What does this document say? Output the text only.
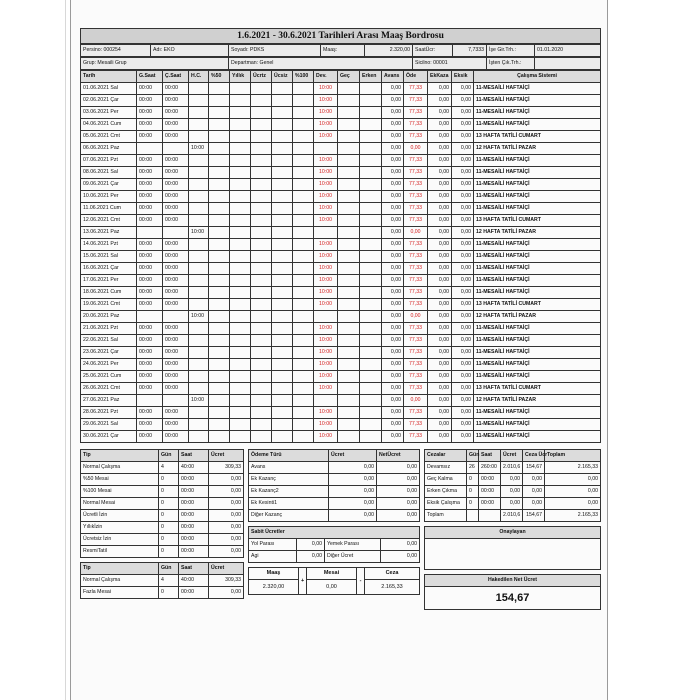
1.6.2021 - 30.6.2021 Tarihleri Arası Maaş Bordrosu
Persino: 000254	Adı: EKO	Soyadı: PDKS	Maaş:	2.320,00	SaatÜcr:	7,7333	İşe Gir.Trh.:	01.01.2020
Grup: Mesaili Grup	Departman: Genel	Sicilno: 00001	İşten Çık.Trh.:	
Tarih	G.Saat	Ç.Saat	H.C.	%50	Yıllık	Ücrtz	Ücsiz	%100	Dev.	Geç	Erken	Avans	Öde	EkKaza	Eksik	Çalışma Sistemi
01.06.2021 Sal	00:00	00:00							10:00			0,00	77,33	0,00	0,00	11-MESAİLİ HAFTAİÇİ
02.06.2021 Çar	00:00	00:00							10:00			0,00	77,33	0,00	0,00	11-MESAİLİ HAFTAİÇİ
03.06.2021 Per	00:00	00:00							10:00			0,00	77,33	0,00	0,00	11-MESAİLİ HAFTAİÇİ
04.06.2021 Cum	00:00	00:00							10:00			0,00	77,33	0,00	0,00	11-MESAİLİ HAFTAİÇİ
05.06.2021 Cmt	00:00	00:00							10:00			0,00	77,33	0,00	0,00	13 HAFTA TATİLİ CUMART
06.06.2021 Paz			10:00									0,00	0,00	0,00	0,00	12 HAFTA TATİLİ PAZAR
07.06.2021 Pzt	00:00	00:00							10:00			0,00	77,33	0,00	0,00	11-MESAİLİ HAFTAİÇİ
08.06.2021 Sal	00:00	00:00							10:00			0,00	77,33	0,00	0,00	11-MESAİLİ HAFTAİÇİ
09.06.2021 Çar	00:00	00:00							10:00			0,00	77,33	0,00	0,00	11-MESAİLİ HAFTAİÇİ
10.06.2021 Per	00:00	00:00							10:00			0,00	77,33	0,00	0,00	11-MESAİLİ HAFTAİÇİ
11.06.2021 Cum	00:00	00:00							10:00			0,00	77,33	0,00	0,00	11-MESAİLİ HAFTAİÇİ
12.06.2021 Cmt	00:00	00:00							10:00			0,00	77,33	0,00	0,00	13 HAFTA TATİLİ CUMART
13.06.2021 Paz			10:00									0,00	0,00	0,00	0,00	12 HAFTA TATİLİ PAZAR
14.06.2021 Pzt	00:00	00:00							10:00			0,00	77,33	0,00	0,00	11-MESAİLİ HAFTAİÇİ
15.06.2021 Sal	00:00	00:00							10:00			0,00	77,33	0,00	0,00	11-MESAİLİ HAFTAİÇİ
16.06.2021 Çar	00:00	00:00							10:00			0,00	77,33	0,00	0,00	11-MESAİLİ HAFTAİÇİ
17.06.2021 Per	00:00	00:00							10:00			0,00	77,33	0,00	0,00	11-MESAİLİ HAFTAİÇİ
18.06.2021 Cum	00:00	00:00							10:00			0,00	77,33	0,00	0,00	11-MESAİLİ HAFTAİÇİ
19.06.2021 Cmt	00:00	00:00							10:00			0,00	77,33	0,00	0,00	13 HAFTA TATİLİ CUMART
20.06.2021 Paz			10:00									0,00	0,00	0,00	0,00	12 HAFTA TATİLİ PAZAR
21.06.2021 Pzt	00:00	00:00							10:00			0,00	77,33	0,00	0,00	11-MESAİLİ HAFTAİÇİ
22.06.2021 Sal	00:00	00:00							10:00			0,00	77,33	0,00	0,00	11-MESAİLİ HAFTAİÇİ
23.06.2021 Çar	00:00	00:00							10:00			0,00	77,33	0,00	0,00	11-MESAİLİ HAFTAİÇİ
24.06.2021 Per	00:00	00:00							10:00			0,00	77,33	0,00	0,00	11-MESAİLİ HAFTAİÇİ
25.06.2021 Cum	00:00	00:00							10:00			0,00	77,33	0,00	0,00	11-MESAİLİ HAFTAİÇİ
26.06.2021 Cmt	00:00	00:00							10:00			0,00	77,33	0,00	0,00	13 HAFTA TATİLİ CUMART
27.06.2021 Paz			10:00									0,00	0,00	0,00	0,00	12 HAFTA TATİLİ PAZAR
28.06.2021 Pzt	00:00	00:00							10:00			0,00	77,33	0,00	0,00	11-MESAİLİ HAFTAİÇİ
29.06.2021 Sal	00:00	00:00							10:00			0,00	77,33	0,00	0,00	11-MESAİLİ HAFTAİÇİ
30.06.2021 Çar	00:00	00:00							10:00			0,00	77,33	0,00	0,00	11-MESAİLİ HAFTAİÇİ
Tip	Gün	Saat	Ücret
Normal Çalışma	4	40:00	309,33
%50 Mesai	0	00:00	0,00
%100 Mesai	0	00:00	0,00
Normal Mesai	0	00:00	0,00
Ücretli İzin	0	00:00	0,00
Yıllıkİzin	0	00:00	0,00
Ücretsiz İzin	0	00:00	0,00
ResmiTatil	0	00:00	0,00
Tip	Gün	Saat	Ücret
Normal Çalışma	4	40:00	309,33
Fazla Mesai	0	00:00	0,00
Ödeme Türü	Ücret	NetÜcret
Avans	0,00	0,00
Ek Kazanç	0,00	0,00
Ek Kazanç2	0,00	0,00
Ek Kesinti1	0,00	0,00
Diğer Kazanç	0,00	0,00
Sabit Ücretler			
Yol Parası	0,00	Yemek Parası	0,00
Agi	0,00	Diğer Ücret	0,00
Maaş	+	Mesai	-	Ceza
2.320,00		0,00		2.165,33
Cezalar	Gün	Saat	Ücret	Ceza Ücr	Toplam
Devamsız	26	260:00	2.010,6	154,67	2.165,33
Geç Kalma	0	00:00	0,00	0,00	0,00
Erken Çıkma	0	00:00	0,00	0,00	0,00
Eksik Çalışma	0	00:00	0,00	0,00	0,00
Toplam			2.010,6	154,67	2.165,33
Onaylayan

Hakedilen Net Ücret
154,67
